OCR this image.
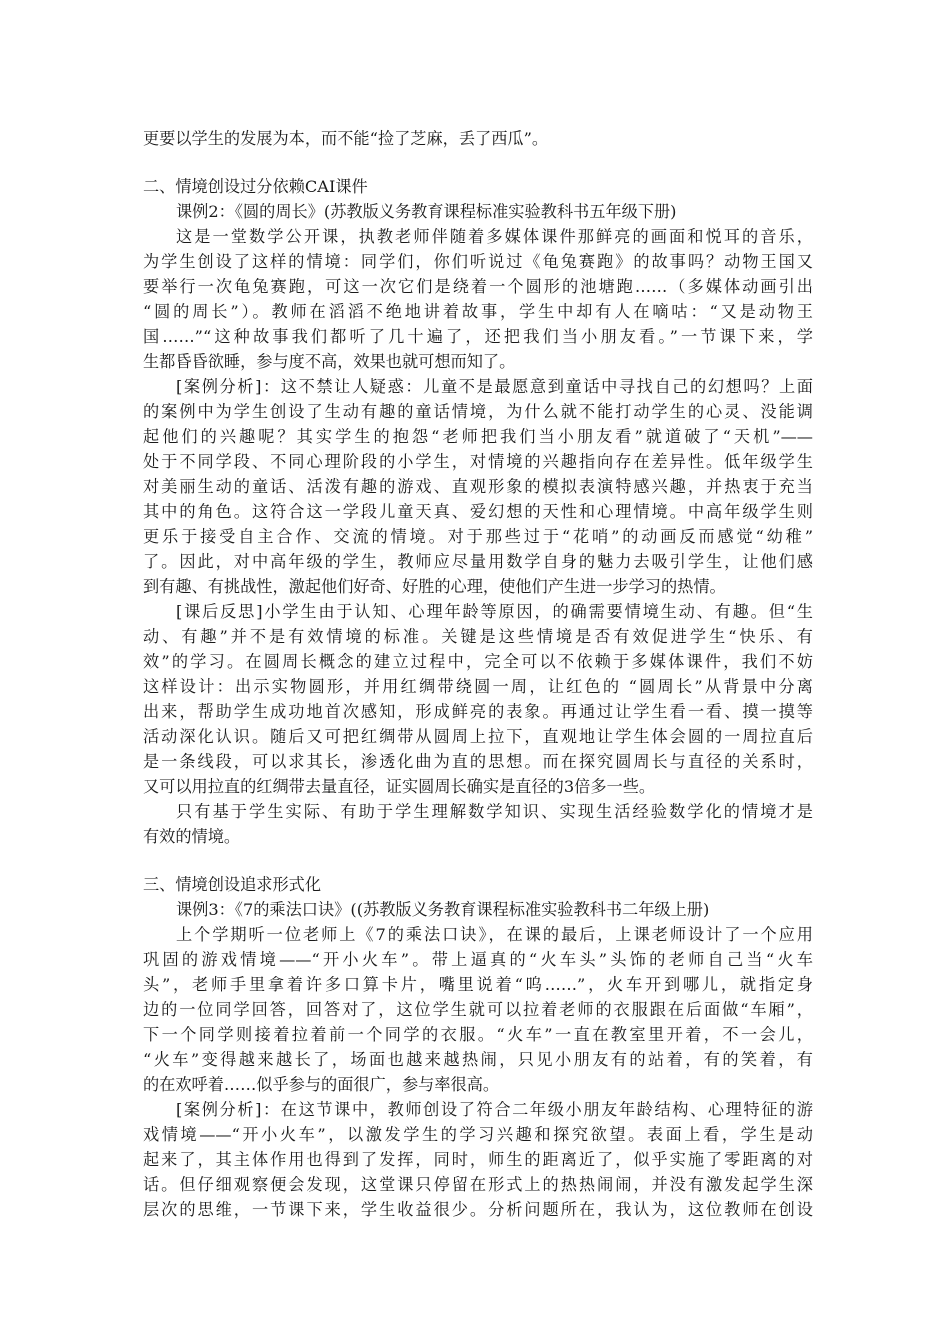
更要以学生的发展为本，而不能“捡了芝麻，丢了西瓜”。
二、情境创设过分依赖CAI课件
课例2：《圆的周长》(苏教版义务教育课程标准实验教科书五年级下册)
这是一堂数学公开课，执教老师伴随着多媒体课件那鲜亮的画面和悦耳的音乐，
为学生创设了这样的情境：同学们，你们听说过《龟兔赛跑》的故事吗？动物王国又
要举行一次龟兔赛跑，可这一次它们是绕着一个圆形的池塘跑……（多媒体动画引出
“圆的周长”）。教师在滔滔不绝地讲着故事，学生中却有人在嘀咕：“又是动物王
国……”“这种故事我们都听了几十遍了，还把我们当小朋友看。”一节课下来，学
生都昏昏欲睡，参与度不高，效果也就可想而知了。
[案例分析]：这不禁让人疑惑：儿童不是最愿意到童话中寻找自己的幻想吗？上面
的案例中为学生创设了生动有趣的童话情境，为什么就不能打动学生的心灵、没能调
起他们的兴趣呢？其实学生的抱怨“老师把我们当小朋友看”就道破了“天机”——
处于不同学段、不同心理阶段的小学生，对情境的兴趣指向存在差异性。低年级学生
对美丽生动的童话、活泼有趣的游戏、直观形象的模拟表演特感兴趣，并热衷于充当
其中的角色。这符合这一学段儿童天真、爱幻想的天性和心理情境。中高年级学生则
更乐于接受自主合作、交流的情境。对于那些过于“花哨”的动画反而感觉“幼稚”
了。因此，对中高年级的学生，教师应尽量用数学自身的魅力去吸引学生，让他们感
到有趣、有挑战性，激起他们好奇、好胜的心理，使他们产生进一步学习的热情。
[课后反思]小学生由于认知、心理年龄等原因，的确需要情境生动、有趣。但“生
动、有趣”并不是有效情境的标准。关键是这些情境是否有效促进学生“快乐、有
效”的学习。在圆周长概念的建立过程中，完全可以不依赖于多媒体课件，我们不妨
这样设计：出示实物圆形，并用红绸带绕圆一周，让红色的 “圆周长”从背景中分离
出来，帮助学生成功地首次感知，形成鲜亮的表象。再通过让学生看一看、摸一摸等
活动深化认识。随后又可把红绸带从圆周上拉下，直观地让学生体会圆的一周拉直后
是一条线段，可以求其长，渗透化曲为直的思想。而在探究圆周长与直径的关系时，
又可以用拉直的红绸带去量直径，证实圆周长确实是直径的3倍多一些。
只有基于学生实际、有助于学生理解数学知识、实现生活经验数学化的情境才是
有效的情境。
三、情境创设追求形式化
课例3：《7的乘法口诀》((苏教版义务教育课程标准实验教科书二年级上册)
上个学期听一位老师上《7的乘法口诀》，在课的最后，上课老师设计了一个应用
巩固的游戏情境——“开小火车”。带上逼真的“火车头”头饰的老师自己当“火车
头”，老师手里拿着许多口算卡片，嘴里说着“呜……”，火车开到哪儿，就指定身
边的一位同学回答，回答对了，这位学生就可以拉着老师的衣服跟在后面做“车厢”，
下一个同学则接着拉着前一个同学的衣服。“火车”一直在教室里开着，不一会儿，
“火车”变得越来越长了，场面也越来越热闹，只见小朋友有的站着，有的笑着，有
的在欢呼着……似乎参与的面很广，参与率很高。
[案例分析]：在这节课中，教师创设了符合二年级小朋友年龄结构、心理特征的游
戏情境——“开小火车”，以激发学生的学习兴趣和探究欲望。表面上看，学生是动
起来了，其主体作用也得到了发挥，同时，师生的距离近了，似乎实施了零距离的对
话。但仔细观察便会发现，这堂课只停留在形式上的热热闹闹，并没有激发起学生深
层次的思维，一节课下来，学生收益很少。分析问题所在，我认为，这位教师在创设
